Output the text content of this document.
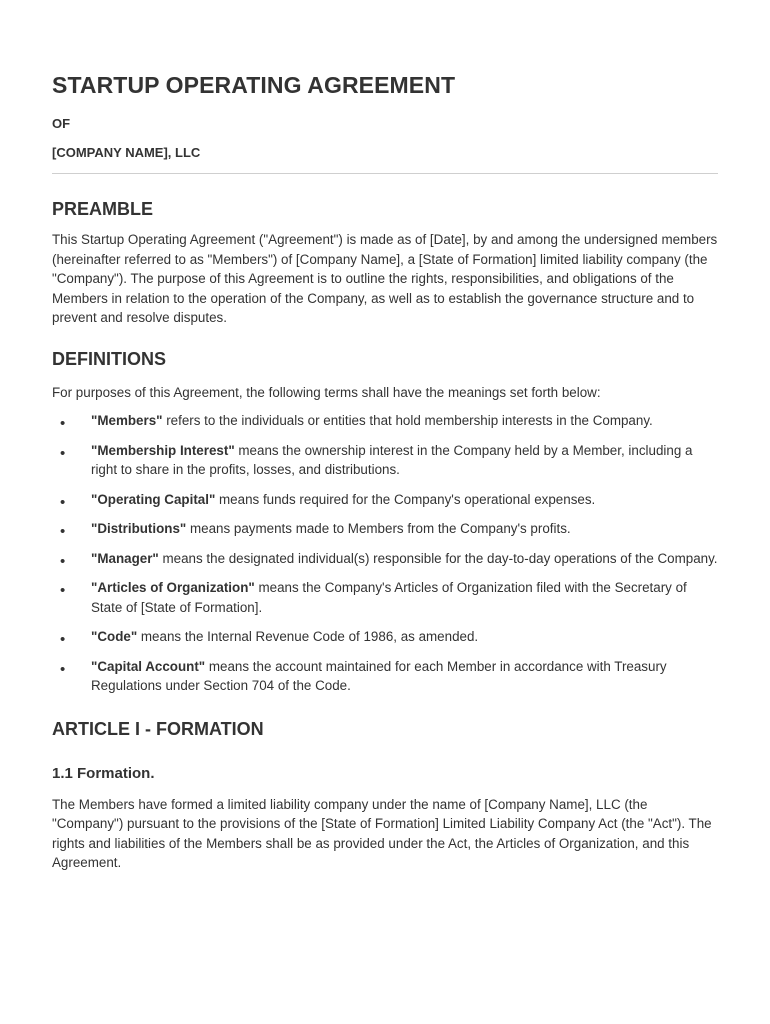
STARTUP OPERATING AGREEMENT
OF
[COMPANY NAME], LLC
PREAMBLE

This Startup Operating Agreement ("Agreement") is made as of [Date], by and among the undersigned members (hereinafter referred to as "Members") of [Company Name], a [State of Formation] limited liability company (the "Company"). The purpose of this Agreement is to outline the rights, responsibilities, and obligations of the Members in relation to the operation of the Company, as well as to establish the governance structure and to prevent and resolve disputes.

DEFINITIONS

For purposes of this Agreement, the following terms shall have the meanings set forth below:

• "Members" refers to the individuals or entities that hold membership interests in the Company.
• "Membership Interest" means the ownership interest in the Company held by a Member, including a right to share in the profits, losses, and distributions.
• "Operating Capital" means funds required for the Company's operational expenses.
• "Distributions" means payments made to Members from the Company's profits.
• "Manager" means the designated individual(s) responsible for the day-to-day operations of the Company.
• "Articles of Organization" means the Company's Articles of Organization filed with the Secretary of State of [State of Formation].
• "Code" means the Internal Revenue Code of 1986, as amended.
• "Capital Account" means the account maintained for each Member in accordance with Treasury Regulations under Section 704 of the Code.
ARTICLE I - FORMATION
1.1 Formation.

The Members have formed a limited liability company under the name of [Company Name], LLC (the "Company") pursuant to the provisions of the [State of Formation] Limited Liability Company Act (the "Act"). The rights and liabilities of the Members shall be as provided under the Act, the Articles of Organization, and this Agreement.
